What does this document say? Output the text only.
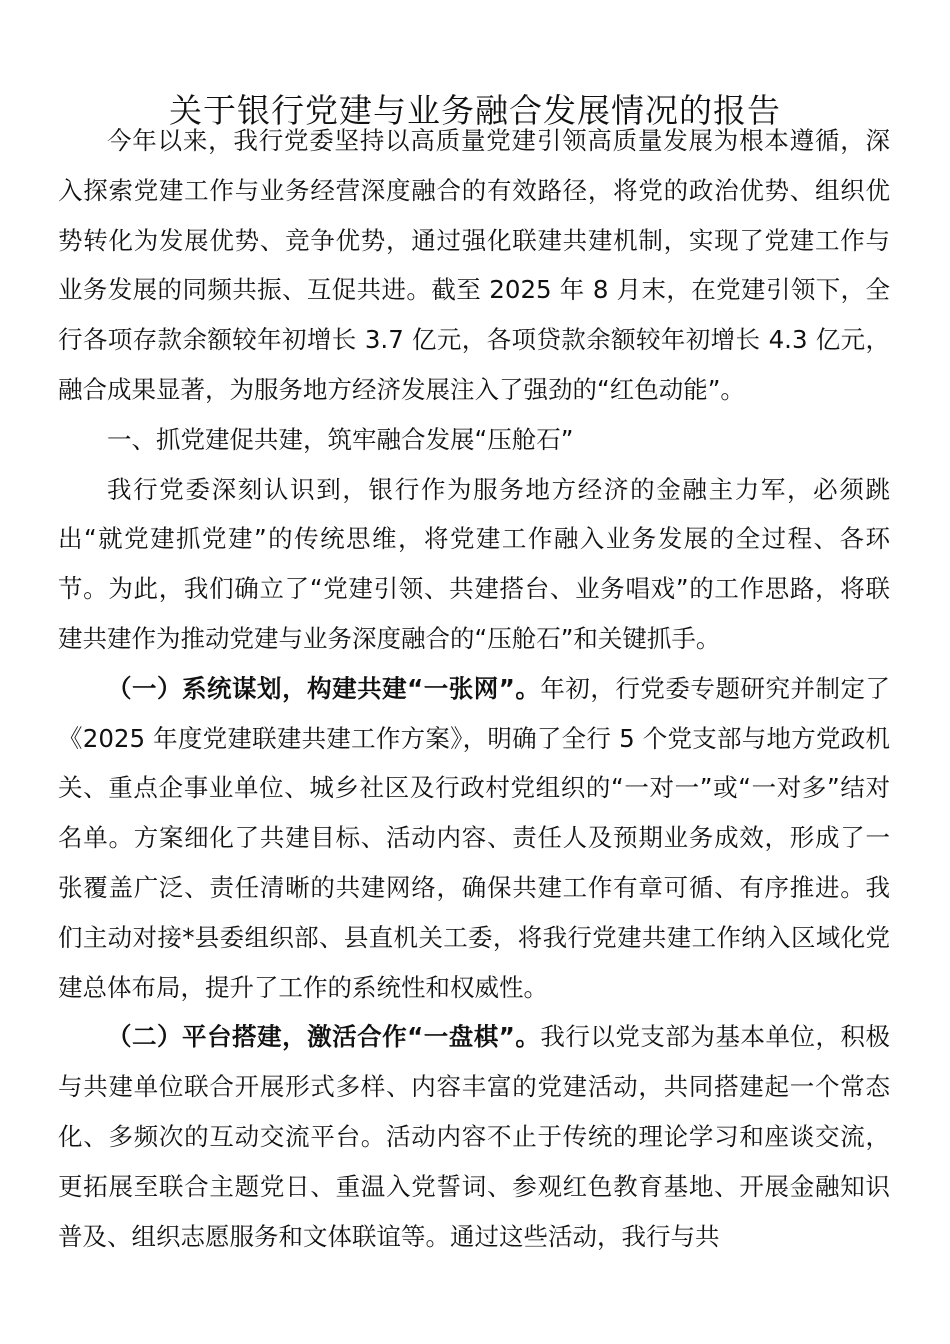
关于银行党建与业务融合发展情况的报告

今年以来，我行党委坚持以高质量党建引领高质量发展为根本遵循，深入探索党建工作与业务经营深度融合的有效路径，将党的政治优势、组织优势转化为发展优势、竞争优势，通过强化联建共建机制，实现了党建工作与业务发展的同频共振、互促共进。截至 2025 年 8 月末，在党建引领下，全行各项存款余额较年初增长 3.7 亿元，各项贷款余额较年初增长 4.3 亿元，融合成果显著，为服务地方经济发展注入了强劲的“红色动能”。

一、抓党建促共建，筑牢融合发展“压舱石”

我行党委深刻认识到，银行作为服务地方经济的金融主力军，必须跳出“就党建抓党建”的传统思维，将党建工作融入业务发展的全过程、各环节。为此，我们确立了“党建引领、共建搭台、业务唱戏”的工作思路，将联建共建作为推动党建与业务深度融合的“压舱石”和关键抓手。

（一）系统谋划，构建共建“一张网”。年初，行党委专题研究并制定了《2025 年度党建联建共建工作方案》，明确了全行 5 个党支部与地方党政机关、重点企事业单位、城乡社区及行政村党组织的“一对一”或“一对多”结对名单。方案细化了共建目标、活动内容、责任人及预期业务成效，形成了一张覆盖广泛、责任清晰的共建网络，确保共建工作有章可循、有序推进。我们主动对接*县委组织部、县直机关工委，将我行党建共建工作纳入区域化党建总体布局，提升了工作的系统性和权威性。

（二）平台搭建，激活合作“一盘棋”。我行以党支部为基本单位，积极与共建单位联合开展形式多样、内容丰富的党建活动，共同搭建起一个常态化、多频次的互动交流平台。活动内容不止于传统的理论学习和座谈交流，更拓展至联合主题党日、重温入党誓词、参观红色教育基地、开展金融知识普及、组织志愿服务和文体联谊等。通过这些活动，我行与共
